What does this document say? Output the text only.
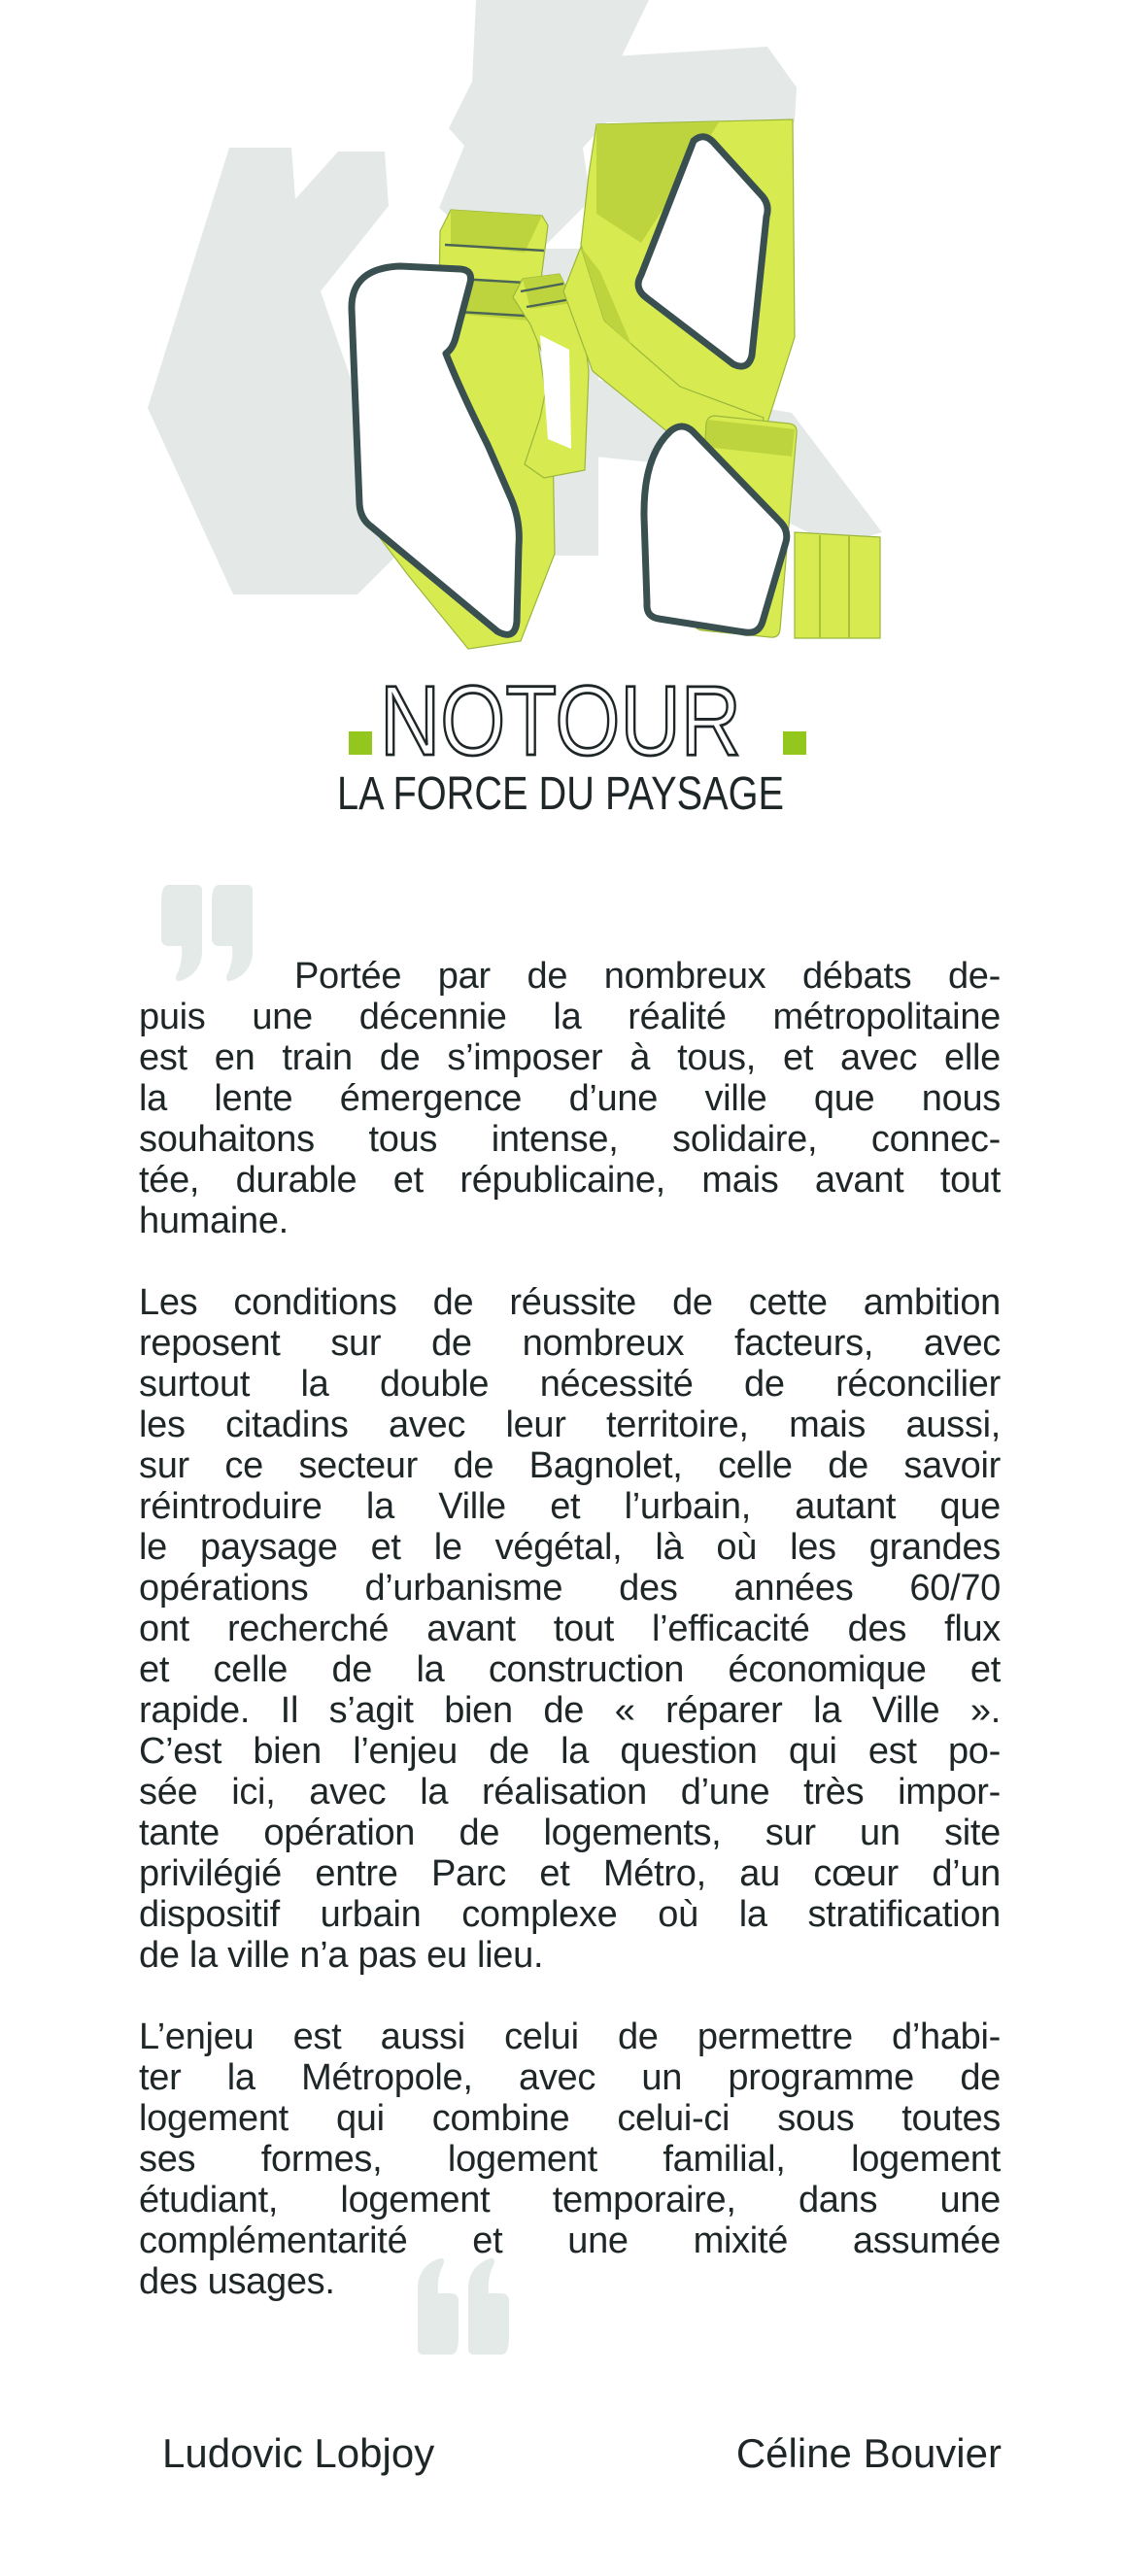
NOTOUR
LA FORCE DU PAYSAGE
Portée par de nombreux débats de-
puis une décennie la réalité métropolitaine
est en train de s’imposer à tous, et avec elle
la lente émergence d’une ville que nous
souhaitons tous intense, solidaire, connec-
tée, durable et républicaine, mais avant tout
humaine.
Les conditions de réussite de cette ambition
reposent sur de nombreux facteurs, avec
surtout la double nécessité de réconcilier
les citadins avec leur territoire, mais aussi,
sur ce secteur de Bagnolet, celle de savoir
réintroduire la Ville et l’urbain, autant que
le paysage et le végétal, là où les grandes
opérations d’urbanisme des années 60/70
ont recherché avant tout l’efficacité des flux
et celle de la construction économique et
rapide. Il s’agit bien de « réparer la Ville ».
C’est bien l’enjeu de la question qui est po-
sée ici, avec la réalisation d’une très impor-
tante opération de logements, sur un site
privilégié entre Parc et Métro, au cœur d’un
dispositif urbain complexe où la stratification
de la ville n’a pas eu lieu.
L’enjeu est aussi celui de permettre d’habi-
ter la Métropole, avec un programme de
logement qui combine celui-ci sous toutes
ses formes, logement familial, logement
étudiant, logement temporaire, dans une
complémentarité et une mixité assumée
des usages.
Ludovic Lobjoy	Céline Bouvier
